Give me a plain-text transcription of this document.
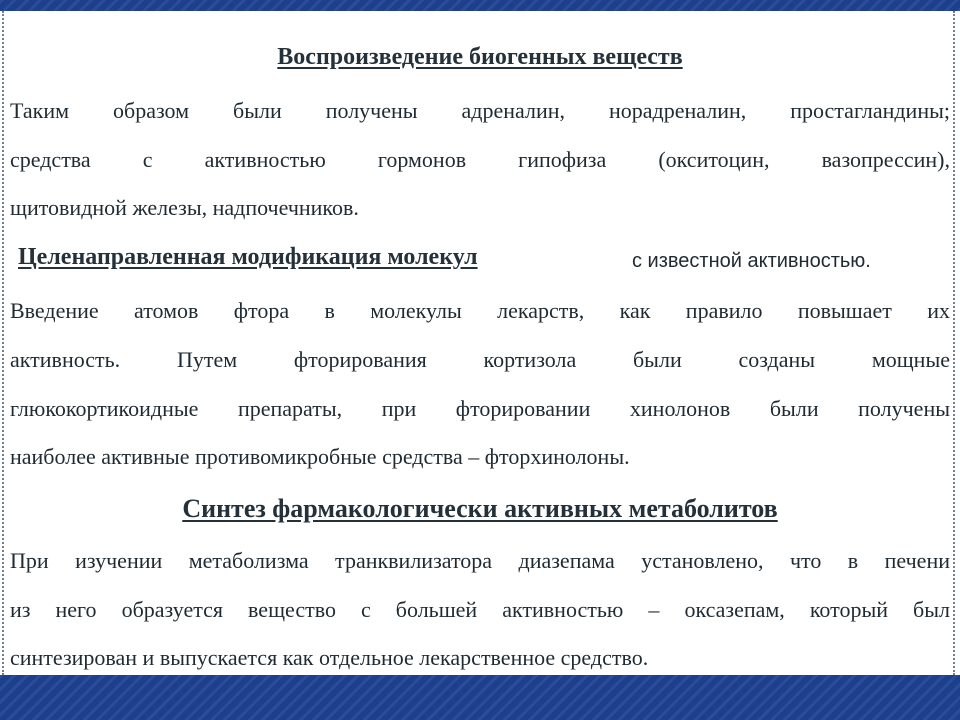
Воспроизведение биогенных веществ

Таким образом были получены адреналин, норадреналин, простагландины;

средства с активностью гормонов гипофиза (окситоцин, вазопрессин),

щитовидной железы, надпочечников.

Целенаправленная модификация молекул	с известной активностью.

Введение атомов фтора в молекулы лекарств, как правило повышает их

активность. Путем фторирования кортизола были созданы мощные

глюкокортикоидные препараты, при фторировании хинолонов были получены

наиболее активные противомикробные средства – фторхинолоны.

Синтез фармакологически активных метаболитов

При изучении метаболизма транквилизатора диазепама установлено, что в печени

из него образуется вещество с большей активностью – оксазепам, который был

синтезирован и выпускается как отдельное лекарственное средство.
